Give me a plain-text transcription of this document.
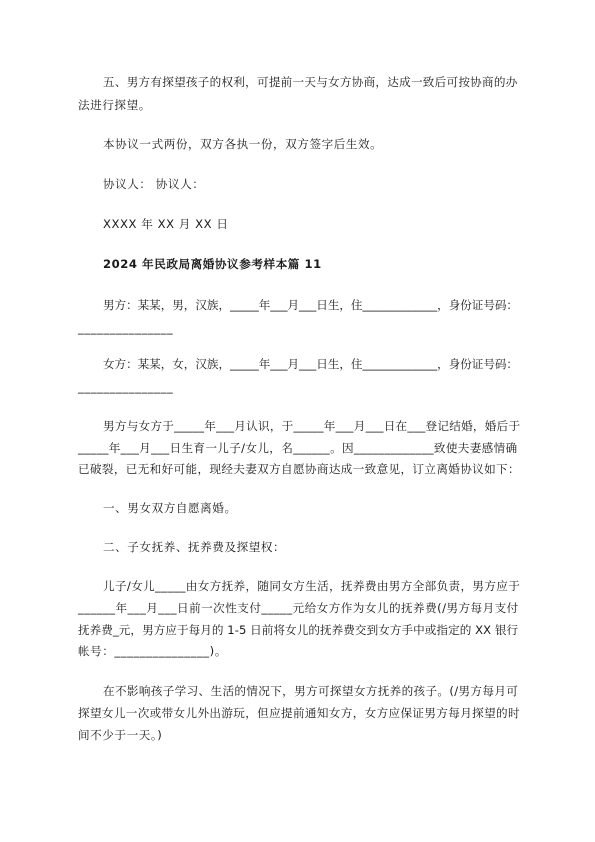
五、男方有探望孩子的权利，可提前一天与女方协商，达成一致后可按协商的办
法进行探望。
本协议一式两份，双方各执一份，双方签字后生效。
协议人： 协议人：
XXXX 年 XX 月 XX 日
2024 年民政局离婚协议参考样本篇 11
男方：某某，男，汉族，_____年___月___日生，住_____________，身份证号码：
_______________
女方：某某，女，汉族，_____年___月___日生，住_____________，身份证号码：
_______________
男方与女方于_____年___月认识，于_____年___月___日在___登记结婚，婚后于
_____年___月___日生育一儿子/女儿，名______。因_____________致使夫妻感情确
已破裂，已无和好可能，现经夫妻双方自愿协商达成一致意见，订立离婚协议如下：
一、男女双方自愿离婚。
二、子女抚养、抚养费及探望权：
儿子/女儿_____由女方抚养，随同女方生活，抚养费由男方全部负责，男方应于
______年___月___日前一次性支付_____元给女方作为女儿的抚养费(/男方每月支付
抚养费_元，男方应于每月的 1-5 日前将女儿的抚养费交到女方手中或指定的 XX 银行
帐号：_______________)。
在不影响孩子学习、生活的情况下，男方可探望女方抚养的孩子。(/男方每月可
探望女儿一次或带女儿外出游玩，但应提前通知女方，女方应保证男方每月探望的时
间不少于一天。)
